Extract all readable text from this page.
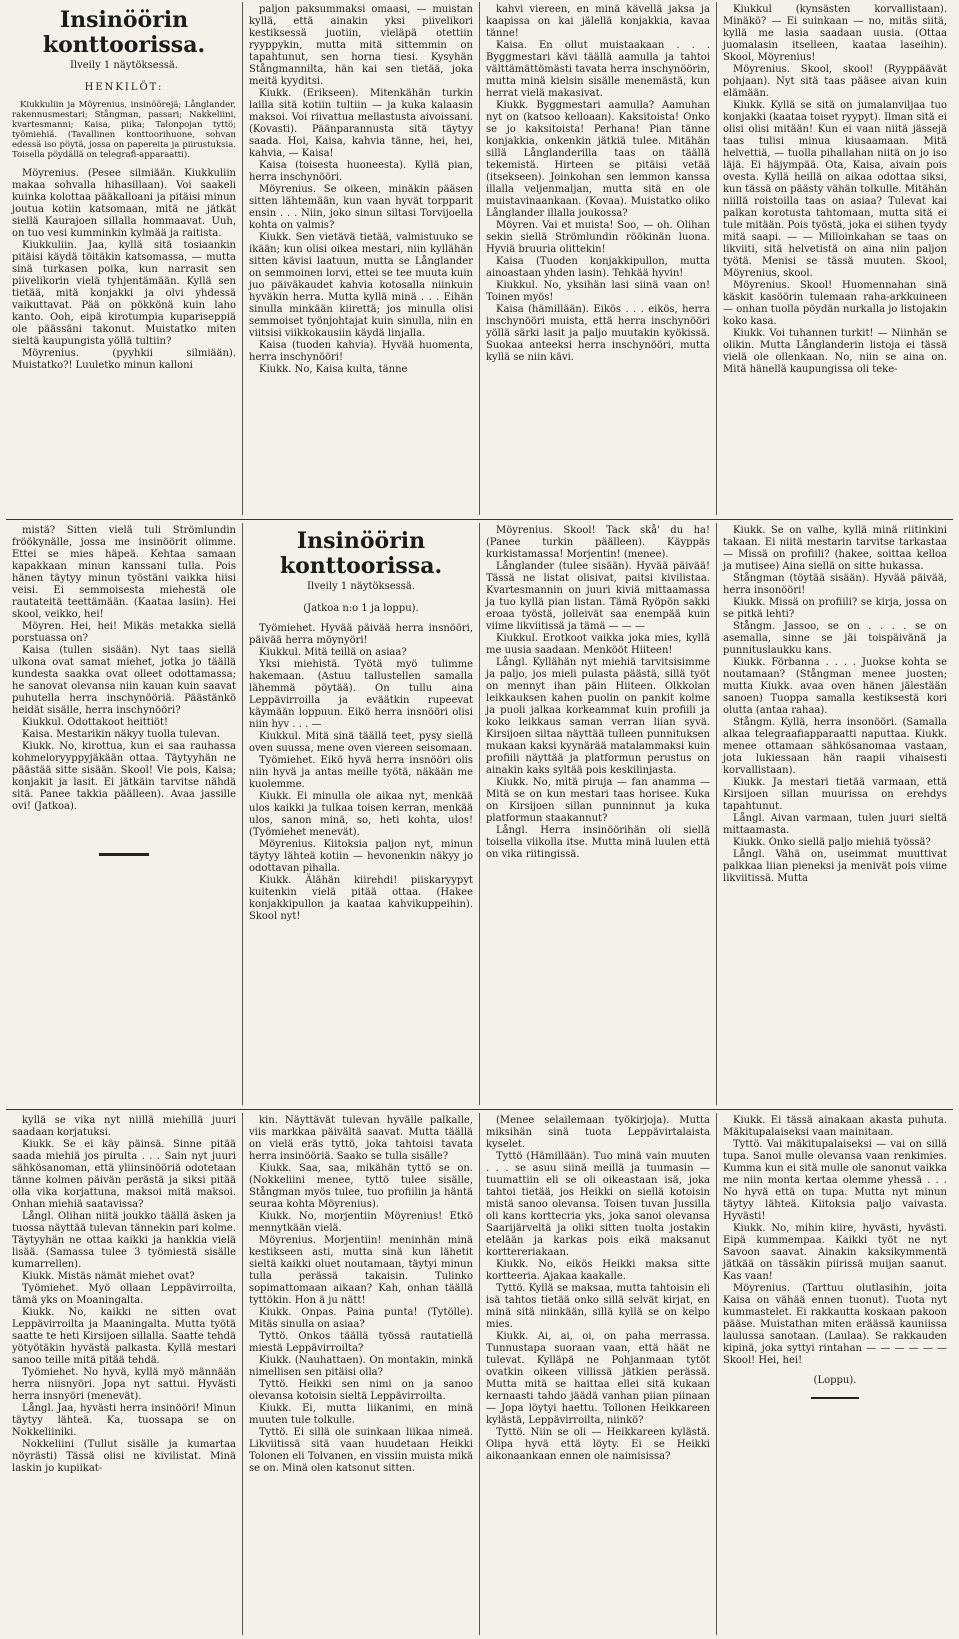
Insinöörin konttoorissa.
Ilveily 1 näytöksessä.
HENKILÖT:
Kiukkuliin ja Möyrenius, insinöörejä; Långlander, rakennusmestari; Stångman, passari; Nakkeliini, kvartesmanni; Kaisa, piika; Talonpojan tyttö; työmiehiä. (Tavallinen konttoorihuone, sohvan edessä iso pöytä, jossa on papereita ja piirustuksia. Toisella pöydällä on telegrafi-apparaatti).

Möyrenius. (Pesee silmiään. Kiukkuliin makaa sohvalla hihasillaan). Voi saakeli kuinka kolottaa pääkalloani ja pitäisi minun joutua kotiin katsomaan, mitä ne jätkät siellä Kaurajoen sillalla hommaavat. Uuh, on tuo vesi kumminkin kylmää ja raitista.

Kiukkuliin. Jaa, kyllä sitä tosiaankin pitäisi käydä töitäkin katsomassa, — mutta sinä turkasen poika, kun narrasit sen piivelikorin vielä tyhjentämään. Kyllä sen tietää, mitä konjakki ja olvi yhdessä vaikuttavat. Pää on pökkönä kuin laho kanto. Ooh, eipä kirotumpia kupariseppiä ole päässäni takonut. Muistatko miten sieltä kaupungista yöllä tultiin?

Möyrenius. (pyyhkii silmiään). Muistatko?! Luuletko minun kalloni

paljon paksummaksi omaasi, — muistan kyllä, että ainakin yksi piivelikori kestiksessä juotiin, vieläpä otettiin ryyppykin, mutta mitä sittemmin on tapahtunut, sen horna tiesi. Kysyhän Stångmannilta, hän kai sen tietää, joka meitä kyyditsi.

Kiukk. (Erikseen). Mitenkähän turkin lailla sitä kotiin tultiin — ja kuka kalaasin maksoi. Voi riivattua mellastusta aivoissani. (Kovasti). Päänparannusta sitä täytyy saada. Hoi, Kaisa, kahvia tänne, hei, hei, kahvia, — Kaisa!

Kaisa (toisesta huoneesta). Kyllä pian, herra inschynööri.

Möyrenius. Se oikeen, minäkin pääsen sitten lähtemään, kun vaan hyvät torpparit ensin . . . Niin, joko sinun siltasi Torvijoella kohta on valmis?

Kiukk. Sen vietävä tietää, valmistuuko se ikään; kun olisi oikea mestari, niin kyllähän sitten kävisi laatuun, mutta se Långlander on semmoinen lorvi, ettei se tee muuta kuin juo päiväkaudet kahvia kotosalla niinkuin hyväkin herra. Mutta kyllä minä . . . Eihän sinulla minkään kiirettä; jos minulla olisi semmoiset työnjohtajat kuin sinulla, niin en viitsisi viikkokausiin käydä linjalla.

Kaisa (tuoden kahvia). Hyvää huomenta, herra inschynööri!

Kiukk. No, Kaisa kulta, tänne

kahvi viereen, en minä kävellä jaksa ja kaapissa on kai jälellä konjakkia, kavaa tänne!

Kaisa. En ollut muistaakaan . . . Byggmestari kävi täällä aamulla ja tahtoi välttämättömästi tavata herra inschynöörin, mutta minä kielsin sisälle menemästä, kun herrat vielä makasivat.

Kiukk. Byggmestari aamulla? Aamuhan nyt on (katsoo kelloaan). Kaksitoista! Onko se jo kaksitoista! Perhana! Pian tänne konjakkia, onkenkin jätkiä tulee. Mitähän sillä Långlanderilla taas on täällä tekemistä. Hirteen se pitäisi vetää (itsekseen). Joinkohan sen lemmon kanssa illalla veljenmaljan, mutta sitä en ole muistavinaankaan. (Kovaa). Muistatko oliko Långlander illalla joukossa?

Möyren. Vai et muista! Soo, — oh. Olihan sekin siellä Strömlundin röökinän luona. Hyviä bruuria olittekin!

Kaisa (Tuoden konjakkipullon, mutta ainoastaan yhden lasin). Tehkää hyvin!

Kiukkul. No, yksihän lasi siinä vaan on! Toinen myös!

Kaisa (hämillään). Eikös . . . eikös, herra inschynööri muista, että herra inschynööri yöllä särki lasit ja paljo muutakin kyökissä. Suokaa anteeksi herra inschynööri, mutta kyllä se niin kävi.

Kiukkul (kynsästen korvallistaan). Minäkö? — Ei suinkaan — no, mitäs siitä, kyllä me lasia saadaan uusia. (Ottaa juomalasin itselleen, kaataa laseihin). Skool, Möyrenius!

Möyrenius. Skool, skool! (Ryyppäävät pohjaan). Nyt sitä taas pääsee aivan kuin elämään.

Kiukk. Kyllä se sitä on jumalanviljaa tuo konjakki (kaataa toiset ryypyt). Ilman sitä ei olisi olisi mitään! Kun ei vaan niitä jässejä taas tulisi minua kiusaamaan. Mitä helvettiä, — tuolla pihallahan niitä on jo iso läjä. Ei häjympää. Ota, Kaisa, aivain pois ovesta. Kyllä heillä on aikaa odottaa siksi, kun tässä on päästy vähän tolkulle. Mitähän niillä roistoilla taas on asiaa? Tulevat kai palkan korotusta tahtomaan, mutta sitä ei tule mitään. Pois työstä, joka ei siihen tyydy mitä saapi. — — Milloinkahan se taas on likviiti, sitä helvetistä on aina niin paljon työtä. Menisi se tässä muuten. Skool, Möyrenius, skool.

Möyrenius. Skool! Huomennahan sinä käskit kasöörin tulemaan raha-arkkuineen — onhan tuolla pöydän nurkalla jo listojakin koko kasa.

Kiukk. Voi tuhannen turkit! — Niinhän se olikin. Mutta Långlanderin listoja ei tässä vielä ole ollenkaan. No, niin se aina on. Mitä hänellä kaupungissa oli teke-

mistä? Sitten vielä tuli Strömlundin fröökynälle, jossa me insinöörit olimme. Ettei se mies häpeä. Kehtaa samaan kapakkaan minun kanssani tulla. Pois hänen täytyy minun työstäni vaikka hiisi veisi. Ei semmoisesta miehestä ole rautateitä teettämään. (Kaataa lasiin). Hei skool, veikko, hei!

Möyren. Hei, hei! Mikäs metakka siellä porstuassa on?

Kaisa (tullen sisään). Nyt taas siellä ulkona ovat samat miehet, jotka jo täällä kundesta saakka ovat olleet odottamassa; he sanovat olevansa niin kauan kuin saavat puhutella herra inschynööriä. Päästänkö heidät sisälle, herra inschynööri?

Kiukkul. Odottakoot heittiöt!

Kaisa. Mestarikin näkyy tuolla tulevan.

Kiukk. No, kirottua, kun ei saa rauhassa kohmeloryyppyjäkään ottaa. Täytyyhän ne päästää sitte sisään. Skool! Vie pois, Kaisa; konjakit ja lasit. Ei jätkäin tarvitse nähdä sitä. Panee takkia päälleen). Avaa jassille ovi! (Jatkoa).

Insinöörin konttoorissa.
Ilveily 1 näytöksessä.
(Jatkoa n:o 1 ja loppu).

Työmiehet. Hyvää päivää herra insnööri, päivää herra möynyöri!

Kiukkul. Mitä teillä on asiaa?

Yksi miehistä. Työtä myö tulimme hakemaan. (Astuu tallustellen samalla lähemmä pöytää). On tullu aina Leppävirroilla ja eväätkin rupeevat käymään loppuun. Eikö herra insnööri olisi niin hyv . . . —

Kiukkul. Mitä sinä täällä teet, pysy siellä oven suussa, mene oven viereen seisomaan.

Työmiehet. Eikö hyvä herra insnööri olis niin hyvä ja antas meille työtä, näkään me kuolemme.

Kiukk. Ei minulla ole aikaa nyt, menkää ulos kaikki ja tulkaa toisen kerran, menkää ulos, sanon minä, so, heti kohta, ulos! (Työmiehet menevät).

Möyrenius. Kiitoksia paljon nyt, minun täytyy lähteä kotiin — hevonenkin näkyy jo odottavan pihalla.

Kiukk. Älähän kiirehdi! piiskaryypyt kuitenkin vielä pitää ottaa. (Hakee konjakkipullon ja kaataa kahvikuppeihin). Skool nyt!

Möyrenius. Skool! Tack skå' du ha! (Panee turkin päälleen). Käyppäs kurkistamassa! Morjentin! (menee).

Långlander (tulee sisään). Hyvää päivää! Tässä ne listat olisivat, paitsi kivilistaa. Kvartesmannin on juuri kiviä mittaamassa ja tuo kyllä pian listan. Tämä Ryöpön sakki eroaa työstä, jolleivät saa enempää kuin viime likviitissä ja tämä — — —

Kiukkul. Erotkoot vaikka joka mies, kyllä me uusia saadaan. Menkööt Hiiteen!

Långl. Kyllähän nyt miehiä tarvitsisimme ja paljo, jos mieli pulasta päästä, sillä työt on mennyt ihan päin Hiiteen. Olkkolan leikkauksen kahen puolin on pankit kolme ja puoli jalkaa korkeammat kuin profiili ja koko leikkaus saman verran liian syvä. Kirsijoen siltaa näyttää tulleen punnituksen mukaan kaksi kyynärää matalammaksi kuin profiili näyttää ja platformun perustus on ainakin kaks syltää pois keskilinjasta.

Kiukk. No, mitä piruja — fan anamma — Mitä se on kun mestari taas horisee. Kuka on Kirsijoen sillan punninnut ja kuka platformun staakannut?

Långl. Herra insinöörihän oli siellä toisella viikolla itse. Mutta minä luulen että on vika riitingissä.

Kiukk. Se on valhe, kyllä minä riitinkini takaan. Ei niitä mestarin tarvitse tarkastaa — Missä on profiili? (hakee, soittaa kelloa ja mutisee) Aina siellä on sitte hukassa.

Stångman (töytää sisään). Hyvää päivää, herra insonööri!

Kiukk. Missä on profiili? se kirja, jossa on se pitkä lehti?

Stångm. Jassoo, se on . . . . se on asemalla, sinne se jäi toispäivänä ja punnituslaukku kans.

Kiukk. Förbanna . . . . Juokse kohta se noutamaan? (Stångman menee juosten; mutta Kiukk. avaa oven hänen jälestään sanoen) Tuoppa samalla kestiksestä kori olutta (antaa rahaa).

Stångm. Kyllä, herra insonööri. (Samalla alkaa telegraafiapparaatti naputtaa. Kiukk. menee ottamaan sähkösanomaa vastaan, jota lukiessaan hän raapii vihaisesti korvallistaan).

Kiukk. Ja mestari tietää varmaan, että Kirsijoen sillan muurissa on erehdys tapahtunut.

Långl. Aivan varmaan, tulen juuri sieltä mittaamasta.

Kiukk. Onko siellä paljo miehiä työssä?

Långl. Vähä on, useimmat muuttivat palkkaa liian pieneksi ja menivät pois viime likviitissä. Mutta

kyllä se vika nyt niillä miehillä juuri saadaan korjatuksi.

Kiukk. Se ei käy päinsä. Sinne pitää saada miehiä jos pirulta . . . Sain nyt juuri sähkösanoman, että yliinsinööriä odotetaan tänne kolmen päivän perästä ja siksi pitää olla vika korjattuna, maksoi mitä maksoi. Onhan miehiä saatavissa?

Långl. Olihan niitä joukko täällä äsken ja tuossa näyttää tulevan tännekin pari kolme. Täytyyhän ne ottaa kaikki ja hankkia vielä lisää. (Samassa tulee 3 työmiestä sisälle kumarrellen).

Kiukk. Mistäs nämät miehet ovat?

Työmiehet. Myö ollaan Leppävirroilta, tämä yks on Moaningalta.

Kiukk. No, kaikki ne sitten ovat Leppävirroilta ja Maaningalta. Mutta työtä saatte te heti Kirsijoen sillalla. Saatte tehdä yötyötäkin hyvästä palkasta. Kyllä mestari sanoo teille mitä pitää tehdä.

Työmiehet. No hyvä, kyllä myö männään herra niisnyöri. Jopa nyt sattui. Hyvästi herra insnyöri (menevät).

Långl. Jaa, hyvästi herra insinööri! Minun täytyy lähteä. Ka, tuossapa se on Nokkeliiniki.

Nokkeliini (Tullut sisälle ja kumartaa nöyrästi) Tässä olisi ne kivilistat. Minä laskin jo kupiikat-

kin. Näyttävät tulevan hyvälle palkalle, viis markkaa päivältä saavat. Mutta täällä on vielä eräs tyttö, joka tahtoisi tavata herra insinööriä. Saako se tulla sisälle?

Kiukk. Saa, saa, mikähän tyttö se on. (Nokkeliini menee, tyttö tulee sisälle, Stångman myös tulee, tuo profiilin ja häntä seuraa kohta Möyrenius).

Kiukk. No, morjentiin Möyrenius! Etkö mennytkään vielä.

Möyrenius. Morjentiin! meninhän minä kestikseen asti, mutta sinä kun lähetit sieltä kaikki oluet noutamaan, täytyi minun tulla perässä takaisin. Tulinko sopimattomaan aikaan? Kah, onhan täällä tyttökin. Hon ä ju nätt!

Kiukk. Onpas. Paina punta! (Tytölle). Mitäs sinulla on asiaa?

Tyttö. Onkos täällä työssä rautatiellä miestä Leppävirroilta?

Kiukk. (Nauhattaen). On montakin, minkä nimellisen sen pitäisi olla?

Tyttö. Heikki sen nimi on ja sanoo olevansa kotoisin sieltä Leppävirroilta.

Kiukk. Ei, mutta liikanimi, en minä muuten tule tolkulle.

Tyttö. Ei sillä ole suinkaan liikaa nimeä. Likviitissä sitä vaan huudetaan Heikki Tolonen eli Tolvanen, en vissiin muista mikä se on. Minä olen katsonut sitten.

(Menee selailemaan työkirjoja). Mutta miksihän sinä tuota Leppävirtalaista kyselet.

Tyttö (Hämillään). Tuo minä vain muuten . . . se asuu siinä meillä ja tuumasin — tuumattiin eli se oli oikeastaan isä, joka tahtoi tietää, jos Heikki on siellä kotoisin mistä sanoo olevansa. Toisen tuvan Jussilla oli kans korttecria yks, joka sanoi olevansa Saarijärveltä ja oliki sitten tuolta jostakin etelään ja karkas pois eikä maksanut korttereriakaan.

Kiukk. No, eikös Heikki maksa sitte kortteeria. Ajakaa kaakalle.

Tyttö. Kyllä se maksaa, mutta tahtoisin eli isä tahtos tietää onko sillä selvät kirjat, en minä sitä niinkään, sillä kyllä se on kelpo mies.

Kiukk. Ai, ai, oi, on paha merrassa. Tunnustapa suoraan vaan, että häät ne tulevat. Kylläpä ne Pohjanmaan tytöt ovatkin oikeen villissä jätkien perässä. Mutta mitä se haittaa ellei sitä kukaan kernaasti tahdo jäädä vanhan piian piinaan — Jopa löytyi haettu. Tollonen Heikkareen kylästä, Leppävirroilta, niinkö?

Tyttö. Niin se oli — Heikkareen kylästä. Olipa hyvä että löyty. Ei se Heikki aikonaankaan ennen ole naimisissa?

Kiukk. Ei tässä ainakaan akasta puhuta. Mäkitupalaiseksi vaan mainitaan.

Tyttö. Vai mäkitupalaiseksi — vai on sillä tupa. Sanoi mulle olevansa vaan renkimies. Kumma kun ei sitä mulle ole sanonut vaikka me niin monta kertaa olemme yhessä . . . No hyvä että on tupa. Mutta nyt minun täytyy lähteä. Kiitoksia paljo vaivasta. Hyvästi!

Kiukk. No, mihin kiire, hyvästi, hyvästi. Eipä kummempaa. Kaikki työt ne nyt Savoon saavat. Ainakin kaksikymmentä jätkää on tässäkin piirissä muijan saanut. Kas vaan!

Möyrenius. (Tarttuu olutlasihin, joita Kaisa on vähää ennen tuonut). Tuota nyt kummastelet. Ei rakkautta koskaan pakoon pääse. Muistathan miten eräässä kauniissa laulussa sanotaan. (Laulaa). Se rakkauden kipinä, joka syttyi rintahan — — — — — — Skool! Hei, hei!

(Loppu).
